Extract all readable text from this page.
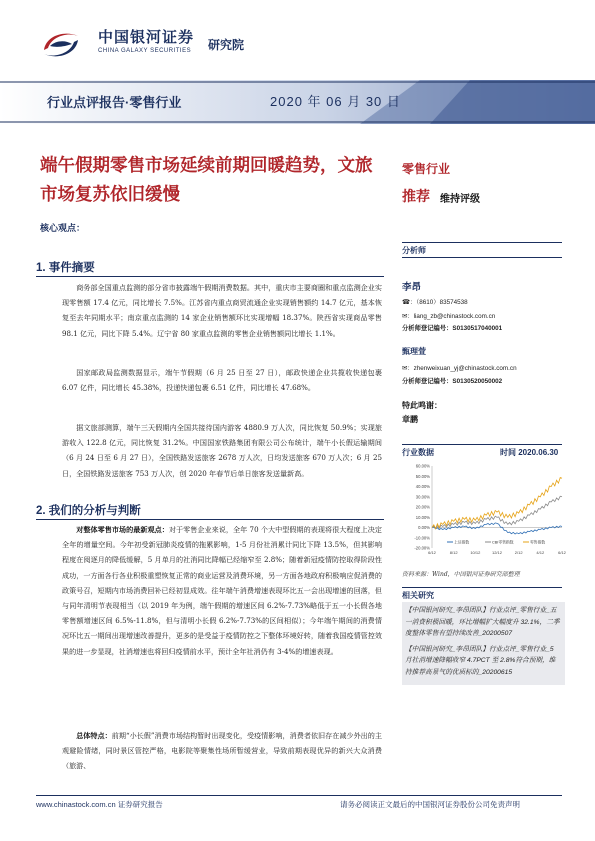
中国银河证券
CHINA GALAXY SECURITIES 研究院
行业点评报告·零售行业	2020 年 06 月 30 日
端午假期零售市场延续前期回暖趋势，文旅市场复苏依旧缓慢
核心观点：
零售行业
推荐 维持评级
分析师
李昂
☎：（8610）83574538
✉：liang_zb@chinastock.com.cn
分析师登记编号：S0130517040001
甄理萱
✉：zhenweixuan_yj@chinastock.com.cn
分析师登记编号：S0130520050002
特此鸣谢：
章鹏
行业数据	时间 2020.06.30
60.00%
50.00%
40.00%
30.00%
20.00%
10.00%
0.00%
-10.00%
-20.00%
6/12	8/12	10/12	12/12	2/12	4/12	6/12
上证指数	CBI零售指数	零售指数
资料来源：Wind，中国银河证券研究部整理
相关研究
【中国银河研究_李昂团队】行业点评_零售行业_五一消费积极回暖，环比增幅扩大幅度升 32.1%，二季度整体零售有望持续改善_20200507
【中国银河研究_李昂团队】行业点评_零售行业_5 月社消增速降幅收窄 4.7PCT 至 2.8%符合预期，维持推荐高景气的优质标的_20200615
1. 事件摘要
商务部全国重点监测的部分省市披露端午假期消费数据。其中，重庆市主要商圈和重点监测企业实现零售额 17.4 亿元，同比增长 7.5%。江苏省内重点商贸流通企业实现销售额约 14.7 亿元，基本恢复至去年同期水平；南京重点监测的 14 家企业销售额环比实现增幅 18.37%。陕西省实现商品零售 98.1 亿元，同比下降 5.4%。辽宁省 80 家重点监测的零售企业销售额同比增长 1.1%。
国家邮政局监测数据显示，端午节假期（6 月 25 日至 27 日），邮政快递企业共揽收快递包裹 6.07 亿件，同比增长 45.38%，投递快递包裹 6.51 亿件，同比增长 47.68%。
据文旅部测算，端午三天假期内全国共接待国内游客 4880.9 万人次，同比恢复 50.9%；实现旅游收入 122.8 亿元，同比恢复 31.2%。中国国家铁路集团有限公司公布统计，端午小长假运输期间（6 月 24 日至 6 月 27 日），全国铁路发送旅客 2678 万人次，日均发送旅客 670 万人次；6 月 25 日，全国铁路发送旅客 753 万人次，创 2020 年春节后单日旅客发送量新高。
2. 我们的分析与判断
对整体零售市场的最新观点：对于零售企业来说，全年 70 个大中型假期的表现将很大程度上决定全年的增量空间。今年初受新冠肺炎疫情的拖累影响，1-5 月份社消累计同比下降 13.5%，但其影响程度在阅逐月的降低缓解，5 月单月的社消同比降幅已经缩窄至 2.8%；随着新冠疫情防控取得阶段性成功，一方面各行各业积极重塑恢复正常的商业运营及消费环境，另一方面各地政府积极响应促消费的政策号召，短期内市场消费回补已经初显成效。往年端午消费增速表现环比五一会出现增速的回落，但与同年清明节表现相当（以 2019 年为例，端午假期的增速区间 6.2%-7.73%略低于五一小长假各地零售额增速区间 6.5%-11.8%，但与清明小长假 6.2%-7.73%的区间相似）；今年端午期间的消费情况环比五一期间出现增速改善提升，更多的是受益于疫情防控之下整体环境好转，随着我国疫情管控效果的进一步显现，社消增速也将回归疫情前水平，预计全年社消仍有 3-4%的增速表现。
总体特点：前期“小长假”消费市场结构暂时出现变化，受疫情影响，消费者依旧存在减少外出的主观避险情绪，同时景区管控严格，电影院等聚集性场所暂缓营业，导致前期表现优异的新兴大众消费（旅游、
www.chinastock.com.cn 证券研究报告	请务必阅读正文最后的中国银河证券股份公司免责声明
